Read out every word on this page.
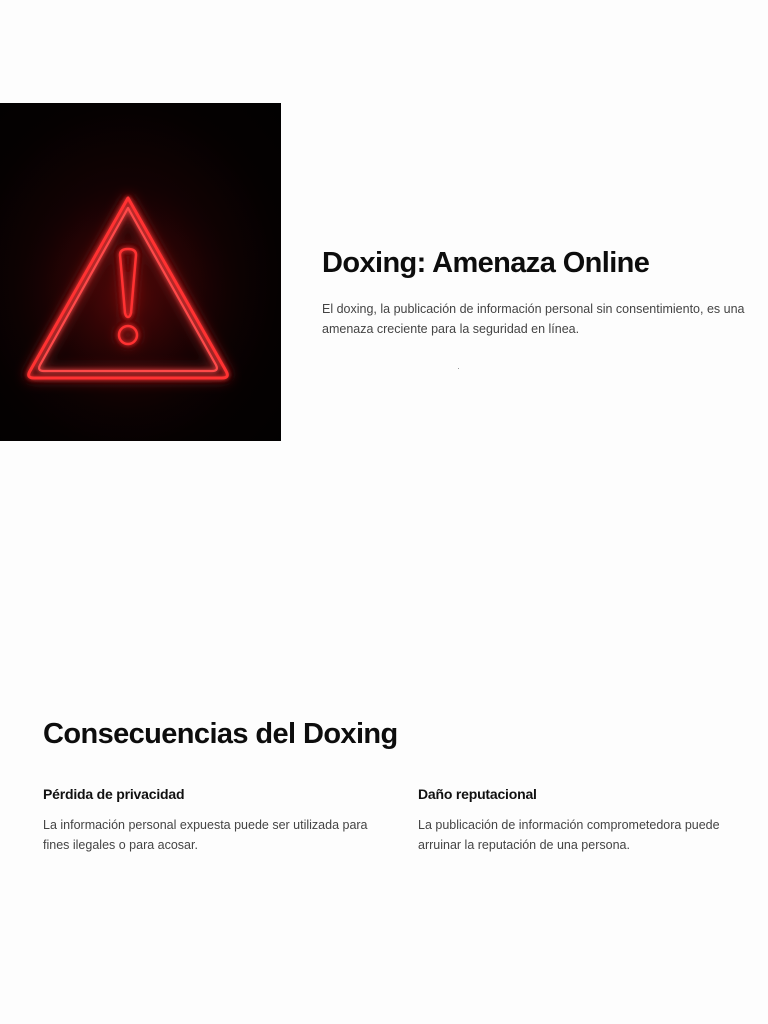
Doxing: Amenaza Online

El doxing, la publicación de información personal sin consentimiento, es una amenaza creciente para la seguridad en línea.

Consecuencias del Doxing
Pérdida de privacidad

La información personal expuesta puede ser utilizada para fines ilegales o para acosar.

Daño reputacional

La publicación de información comprometedora puede arruinar la reputación de una persona.
